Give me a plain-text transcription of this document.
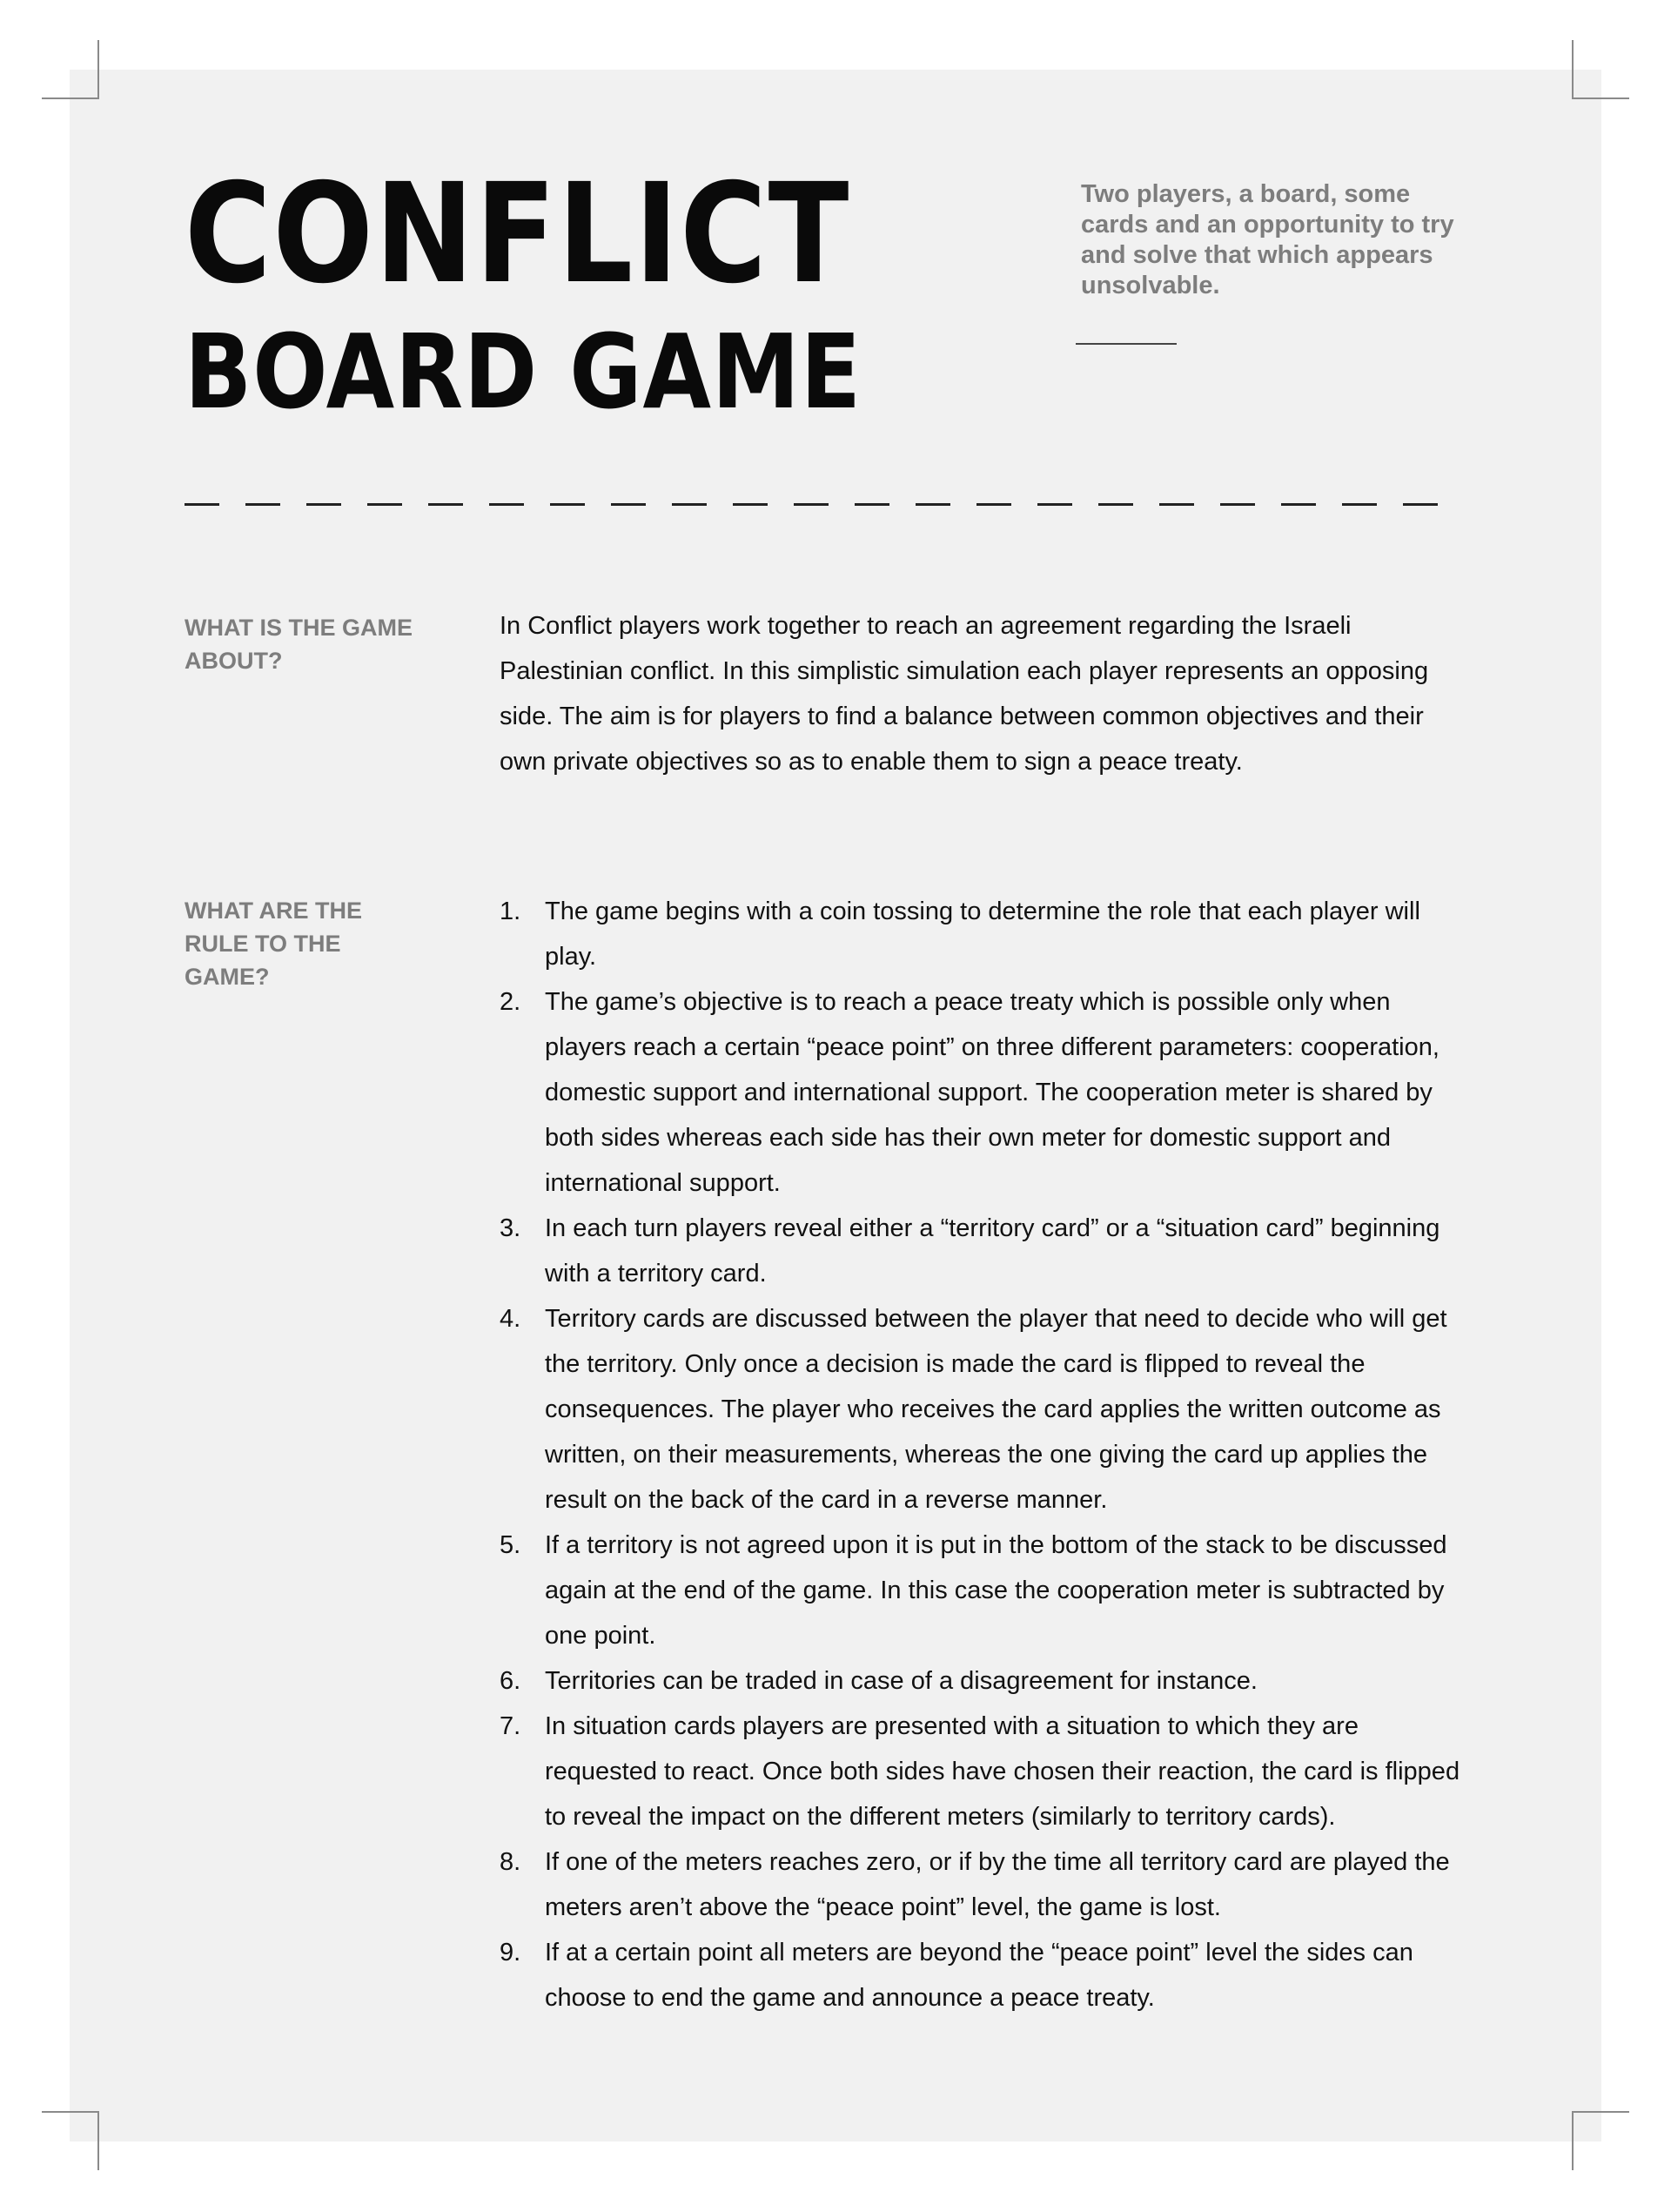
CONFLICT
BOARD GAME

Two players, a board, some cards and an opportunity to try and solve that which appears unsolvable.

WHAT IS THE GAME ABOUT?

In Conflict players work together to reach an agreement regarding the Israeli Palestinian conflict. In this simplistic simulation each player represents an opposing side. The aim is for players to find a balance between common objectives and their own private objectives so as to enable them to sign a peace treaty.

WHAT ARE THE RULE TO THE GAME?
1. The game begins with a coin tossing to determine the role that each player will play.
2. The game’s objective is to reach a peace treaty which is possible only when players reach a certain “peace point” on three different parameters: cooperation, domestic support and international support. The cooperation meter is shared by both sides whereas each side has their own meter for domestic support and international support.
3. In each turn players reveal either a “territory card” or a “situation card” beginning with a territory card.
4. Territory cards are discussed between the player that need to decide who will get the territory. Only once a decision is made the card is flipped to reveal the consequences. The player who receives the card applies the written outcome as written, on their measurements, whereas the one giving the card up applies the result on the back of the card in a reverse manner.
5. If a territory is not agreed upon it is put in the bottom of the stack to be discussed again at the end of the game. In this case the cooperation meter is subtracted by one point.
6. Territories can be traded in case of a disagreement for instance.
7. In situation cards players are presented with a situation to which they are requested to react. Once both sides have chosen their reaction, the card is flipped to reveal the impact on the different meters (similarly to territory cards).
8. If one of the meters reaches zero, or if by the time all territory card are played the meters aren’t above the “peace point” level, the game is lost.
9. If at a certain point all meters are beyond the “peace point” level the sides can choose to end the game and announce a peace treaty.
